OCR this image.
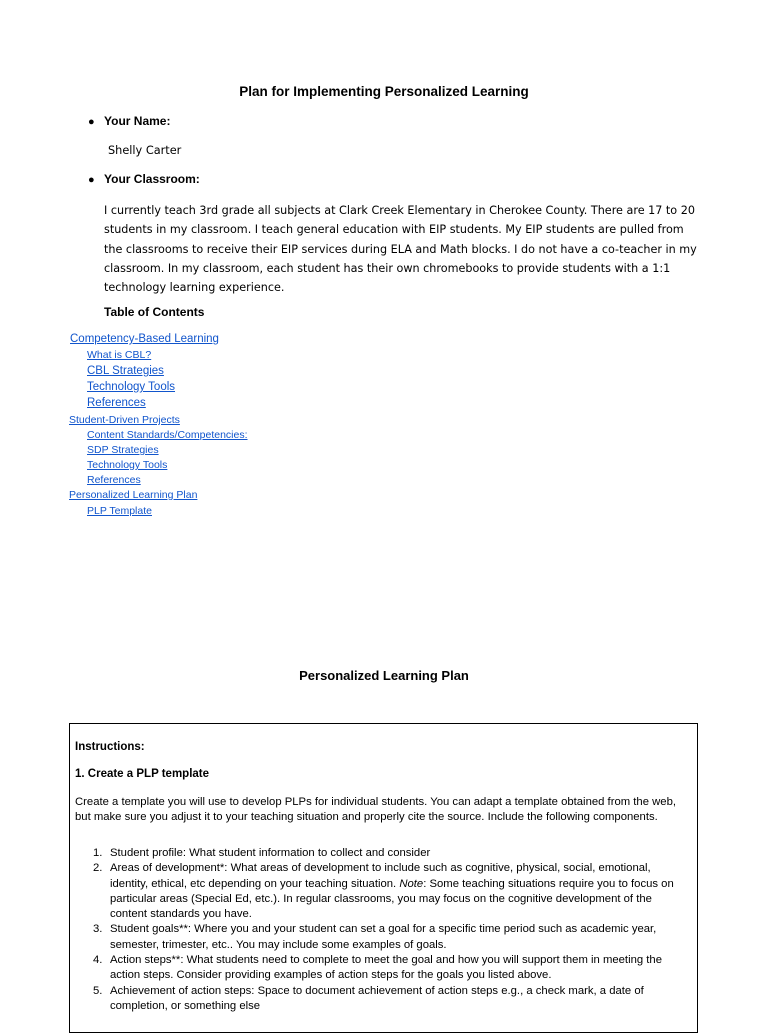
Plan for Implementing Personalized Learning
● Your Name:
Shelly Carter
● Your Classroom:
I currently teach 3rd grade all subjects at Clark Creek Elementary in Cherokee County. There are 17 to 20 students in my classroom. I teach general education with EIP students. My EIP students are pulled from the classrooms to receive their EIP services during ELA and Math blocks. I do not have a co-teacher in my classroom. In my classroom, each student has their own chromebooks to provide students with a 1:1 technology learning experience.
Table of Contents
Competency-Based Learning
What is CBL?
CBL Strategies
Technology Tools
References
Student-Driven Projects
Content Standards/Competencies:
SDP Strategies
Technology Tools
References
Personalized Learning Plan
PLP Template
Personalized Learning Plan
Instructions:
1. Create a PLP template
Create a template you will use to develop PLPs for individual students. You can adapt a template obtained from the web, but make sure you adjust it to your teaching situation and properly cite the source. Include the following components.
1. Student profile: What student information to collect and consider
2. Areas of development*: What areas of development to include such as cognitive, physical, social, emotional, identity, ethical, etc depending on your teaching situation. Note: Some teaching situations require you to focus on particular areas (Special Ed, etc.). In regular classrooms, you may focus on the cognitive development of the content standards you have.
3. Student goals**: Where you and your student can set a goal for a specific time period such as academic year, semester, trimester, etc.. You may include some examples of goals.
4. Action steps**: What students need to complete to meet the goal and how you will support them in meeting the action steps. Consider providing examples of action steps for the goals you listed above.
5. Achievement of action steps: Space to document achievement of action steps e.g., a check mark, a date of completion, or something else
